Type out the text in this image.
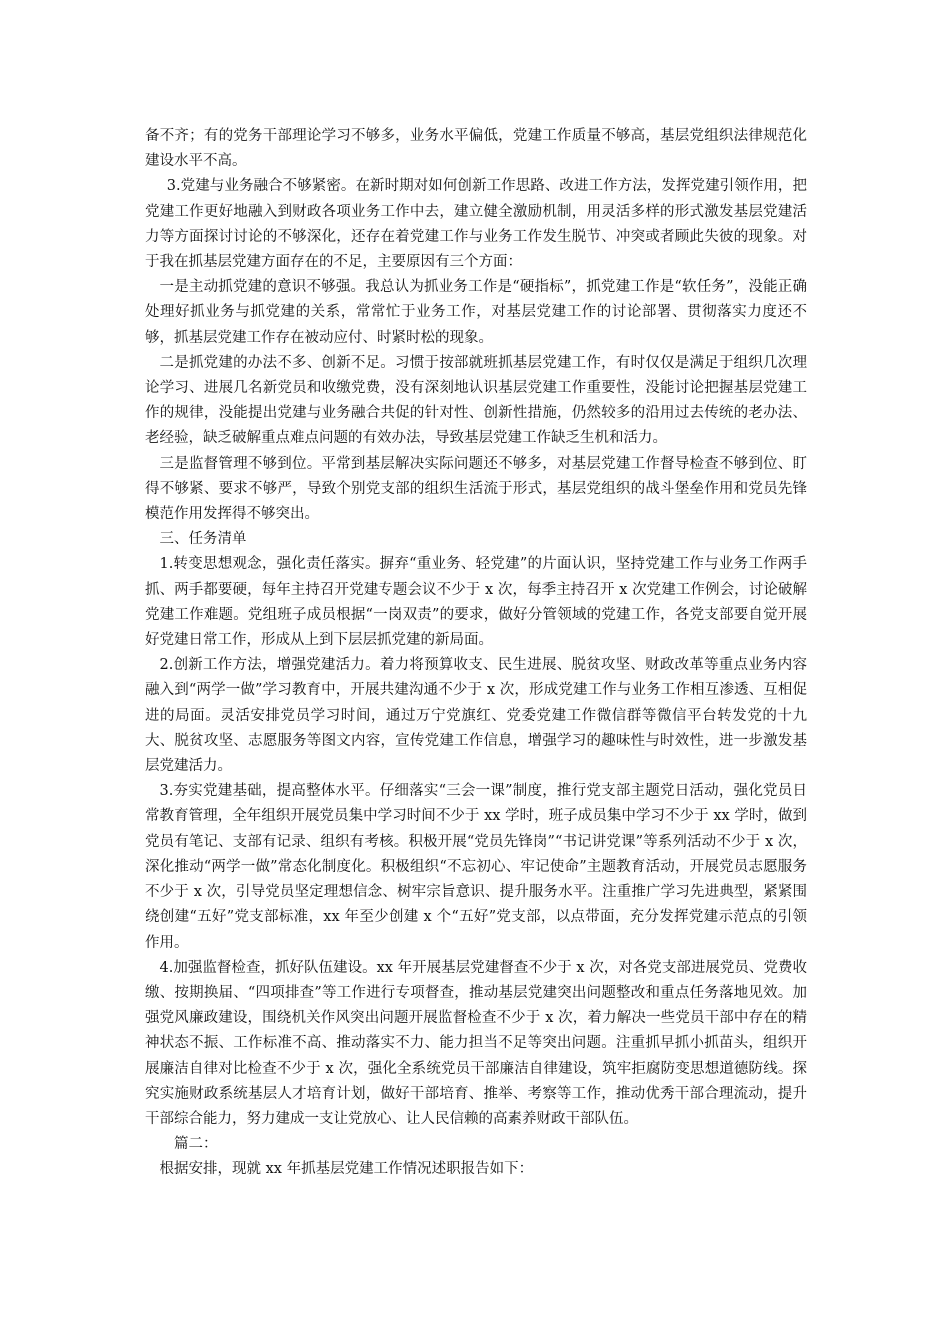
备不齐；有的党务干部理论学习不够多，业务水平偏低，党建工作质量不够高，基层党组织法律规范化建设水平不高。

3.党建与业务融合不够紧密。在新时期对如何创新工作思路、改进工作方法，发挥党建引领作用，把党建工作更好地融入到财政各项业务工作中去，建立健全激励机制，用灵活多样的形式激发基层党建活力等方面探讨讨论的不够深化，还存在着党建工作与业务工作发生脱节、冲突或者顾此失彼的现象。对于我在抓基层党建方面存在的不足，主要原因有三个方面：

一是主动抓党建的意识不够强。我总认为抓业务工作是“硬指标”，抓党建工作是“软任务”，没能正确处理好抓业务与抓党建的关系，常常忙于业务工作，对基层党建工作的讨论部署、贯彻落实力度还不够，抓基层党建工作存在被动应付、时紧时松的现象。

二是抓党建的办法不多、创新不足。习惯于按部就班抓基层党建工作，有时仅仅是满足于组织几次理论学习、进展几名新党员和收缴党费，没有深刻地认识基层党建工作重要性，没能讨论把握基层党建工作的规律，没能提出党建与业务融合共促的针对性、创新性措施，仍然较多的沿用过去传统的老办法、老经验，缺乏破解重点难点问题的有效办法，导致基层党建工作缺乏生机和活力。

三是监督管理不够到位。平常到基层解决实际问题还不够多，对基层党建工作督导检查不够到位、盯得不够紧、要求不够严，导致个别党支部的组织生活流于形式，基层党组织的战斗堡垒作用和党员先锋模范作用发挥得不够突出。

三、任务清单

1.转变思想观念，强化责任落实。摒弃“重业务、轻党建”的片面认识，坚持党建工作与业务工作两手抓、两手都要硬，每年主持召开党建专题会议不少于 x 次，每季主持召开 x 次党建工作例会，讨论破解党建工作难题。党组班子成员根据“一岗双责”的要求，做好分管领域的党建工作，各党支部要自觉开展好党建日常工作，形成从上到下层层抓党建的新局面。

2.创新工作方法，增强党建活力。着力将预算收支、民生进展、脱贫攻坚、财政改革等重点业务内容融入到“两学一做”学习教育中，开展共建沟通不少于 x 次，形成党建工作与业务工作相互渗透、互相促进的局面。灵活安排党员学习时间，通过万宁党旗红、党委党建工作微信群等微信平台转发党的十九大、脱贫攻坚、志愿服务等图文内容，宣传党建工作信息，增强学习的趣味性与时效性，进一步激发基层党建活力。

3.夯实党建基础，提高整体水平。仔细落实“三会一课”制度，推行党支部主题党日活动，强化党员日常教育管理，全年组织开展党员集中学习时间不少于 xx 学时，班子成员集中学习不少于 xx 学时，做到党员有笔记、支部有记录、组织有考核。积极开展“党员先锋岗”“书记讲党课”等系列活动不少于 x 次，深化推动“两学一做”常态化制度化。积极组织“不忘初心、牢记使命”主题教育活动，开展党员志愿服务不少于 x 次，引导党员坚定理想信念、树牢宗旨意识、提升服务水平。注重推广学习先进典型，紧紧围绕创建“五好”党支部标准，xx 年至少创建 x 个“五好”党支部，以点带面，充分发挥党建示范点的引领作用。

4.加强监督检查，抓好队伍建设。xx 年开展基层党建督查不少于 x 次，对各党支部进展党员、党费收缴、按期换届、“四项排查”等工作进行专项督查，推动基层党建突出问题整改和重点任务落地见效。加强党风廉政建设，围绕机关作风突出问题开展监督检查不少于 x 次，着力解决一些党员干部中存在的精神状态不振、工作标准不高、推动落实不力、能力担当不足等突出问题。注重抓早抓小抓苗头，组织开展廉洁自律对比检查不少于 x 次，强化全系统党员干部廉洁自律建设，筑牢拒腐防变思想道德防线。探究实施财政系统基层人才培育计划，做好干部培育、推举、考察等工作，推动优秀干部合理流动，提升干部综合能力，努力建成一支让党放心、让人民信赖的高素养财政干部队伍。

篇二：

根据安排，现就 xx 年抓基层党建工作情况述职报告如下：
